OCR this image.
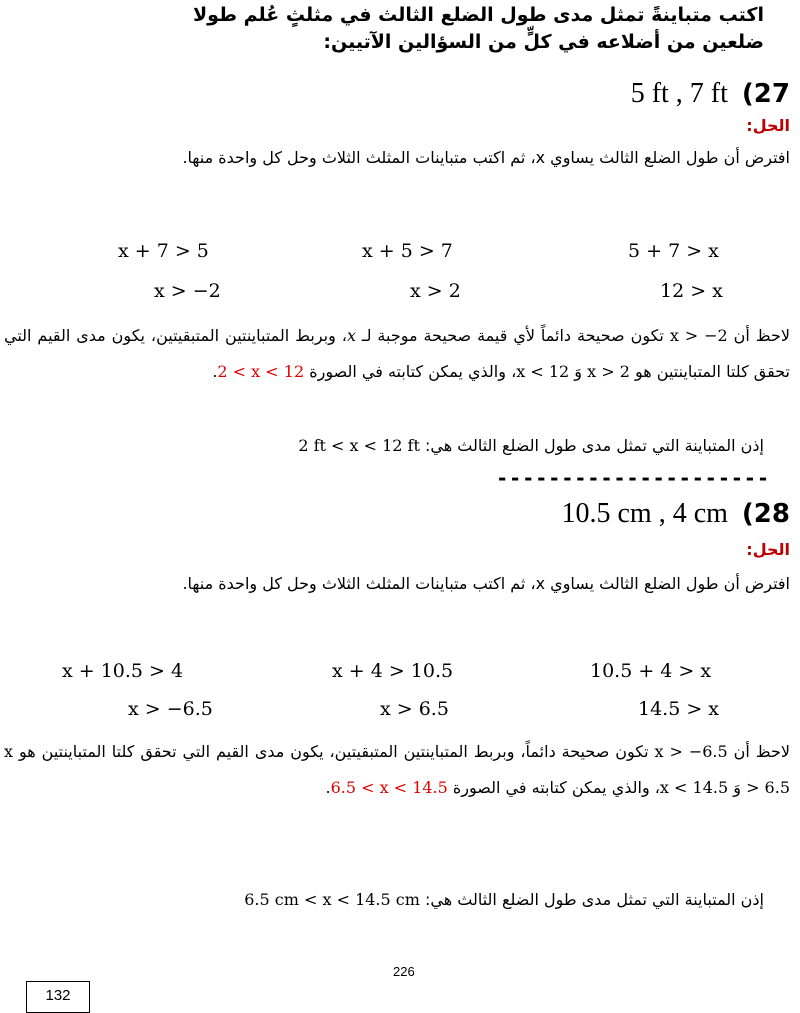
اكتب متباينةً تمثل مدى طول الضلع الثالث في مثلثٍ عُلم طولا
ضلعين من أضلاعه في كلٍّ من السؤالين الآتيين:
(27
5 ft , 7 ft
الحل:
افترض أن طول الضلع الثالث يساوي x، ثم اكتب متباينات المثلث الثلاث وحل كل واحدة منها.
5 + 7 > x
x + 5 > 7
x + 7 > 5
12 > x
x > 2
x > −2
لاحظ أن x > −2 تكون صحيحة دائماً لأي قيمة صحيحة موجبة لـ x، وبربط المتباينتين المتبقيتين، يكون مدى القيم التي تحقق كلتا المتباينتين هو x > 2 وَ x < 12، والذي يمكن كتابته في الصورة 2 < x < 12.
إذن المتباينة التي تمثل مدى طول الضلع الثالث هي: 2 ft < x < 12 ft
---------------------
(28
10.5 cm , 4 cm
الحل:
افترض أن طول الضلع الثالث يساوي x، ثم اكتب متباينات المثلث الثلاث وحل كل واحدة منها.
10.5 + 4 > x
x + 4 > 10.5
x + 10.5 > 4
14.5 > x
x > 6.5
x > −6.5
لاحظ أن x > −6.5 تكون صحيحة دائماً، وبربط المتباينتين المتبقيتين، يكون مدى القيم التي تحقق كلتا المتباينتين هو x > 6.5 وَ x < 14.5، والذي يمكن كتابته في الصورة 6.5 < x < 14.5.
إذن المتباينة التي تمثل مدى طول الضلع الثالث هي: 6.5 cm < x < 14.5 cm
226
132
